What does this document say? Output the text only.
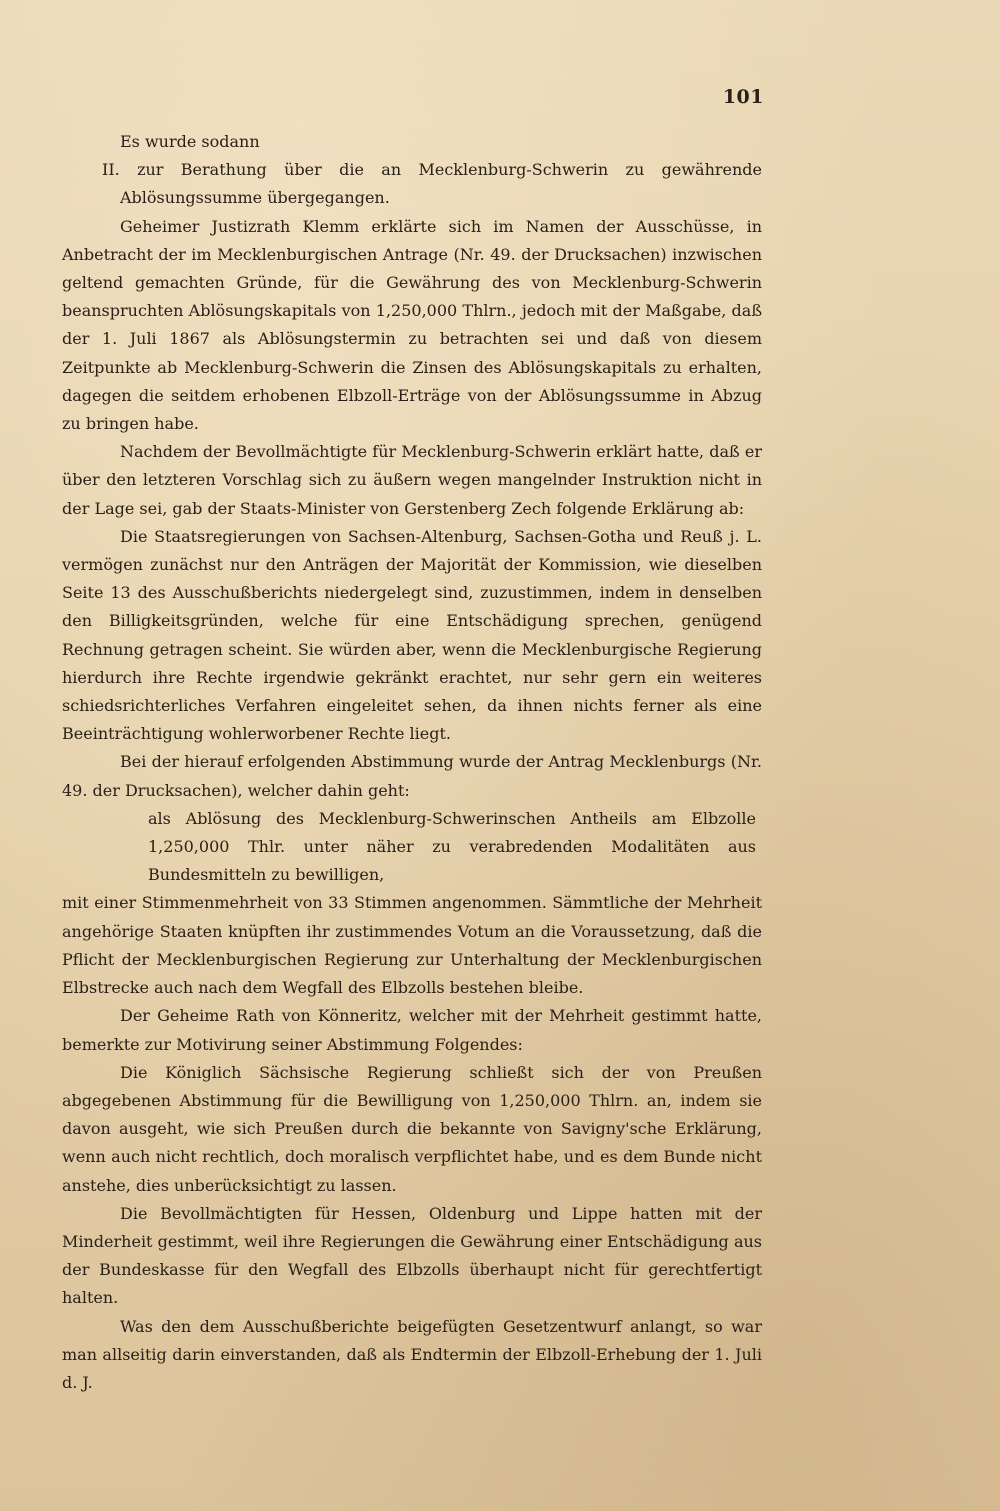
101

Es wurde sodann

II. zur Berathung über die an Mecklenburg-Schwerin zu gewährende Ablösungssumme übergegangen.

Geheimer Justizrath Klemm erklärte sich im Namen der Ausschüsse, in Anbetracht der im Mecklenburgischen Antrage (Nr. 49. der Drucksachen) inzwischen geltend gemachten Gründe, für die Gewährung des von Mecklenburg-Schwerin beanspruchten Ablösungskapitals von 1,250,000 Thlrn., jedoch mit der Maßgabe, daß der 1. Juli 1867 als Ablösungstermin zu betrachten sei und daß von diesem Zeitpunkte ab Mecklenburg-Schwerin die Zinsen des Ablösungskapitals zu erhalten, dagegen die seitdem erhobenen Elbzoll-Erträge von der Ablösungssumme in Abzug zu bringen habe.

Nachdem der Bevollmächtigte für Mecklenburg-Schwerin erklärt hatte, daß er über den letzteren Vorschlag sich zu äußern wegen mangelnder Instruktion nicht in der Lage sei, gab der Staats-Minister von Gerstenberg Zech folgende Erklärung ab:

Die Staatsregierungen von Sachsen-Altenburg, Sachsen-Gotha und Reuß j. L. vermögen zunächst nur den Anträgen der Majorität der Kommission, wie dieselben Seite 13 des Ausschußberichts niedergelegt sind, zuzustimmen, indem in denselben den Billigkeitsgründen, welche für eine Entschädigung sprechen, genügend Rechnung getragen scheint. Sie würden aber, wenn die Mecklenburgische Regierung hierdurch ihre Rechte irgendwie gekränkt erachtet, nur sehr gern ein weiteres schiedsrichterliches Verfahren eingeleitet sehen, da ihnen nichts ferner als eine Beeinträchtigung wohlerworbener Rechte liegt.

Bei der hierauf erfolgenden Abstimmung wurde der Antrag Mecklenburgs (Nr. 49. der Drucksachen), welcher dahin geht:

als Ablösung des Mecklenburg-Schwerinschen Antheils am Elbzolle 1,250,000 Thlr. unter näher zu verabredenden Modalitäten aus Bundesmitteln zu bewilligen,

mit einer Stimmenmehrheit von 33 Stimmen angenommen. Sämmtliche der Mehrheit angehörige Staaten knüpften ihr zustimmendes Votum an die Voraussetzung, daß die Pflicht der Mecklenburgischen Regierung zur Unterhaltung der Mecklenburgischen Elbstrecke auch nach dem Wegfall des Elbzolls bestehen bleibe.

Der Geheime Rath von Könneritz, welcher mit der Mehrheit gestimmt hatte, bemerkte zur Motivirung seiner Abstimmung Folgendes:

Die Königlich Sächsische Regierung schließt sich der von Preußen abgegebenen Abstimmung für die Bewilligung von 1,250,000 Thlrn. an, indem sie davon ausgeht, wie sich Preußen durch die bekannte von Savigny'sche Erklärung, wenn auch nicht rechtlich, doch moralisch verpflichtet habe, und es dem Bunde nicht anstehe, dies unberücksichtigt zu lassen.

Die Bevollmächtigten für Hessen, Oldenburg und Lippe hatten mit der Minderheit gestimmt, weil ihre Regierungen die Gewährung einer Entschädigung aus der Bundeskasse für den Wegfall des Elbzolls überhaupt nicht für gerechtfertigt halten.

Was den dem Ausschußberichte beigefügten Gesetzentwurf anlangt, so war man allseitig darin einverstanden, daß als Endtermin der Elbzoll-Erhebung der 1. Juli d. J.
